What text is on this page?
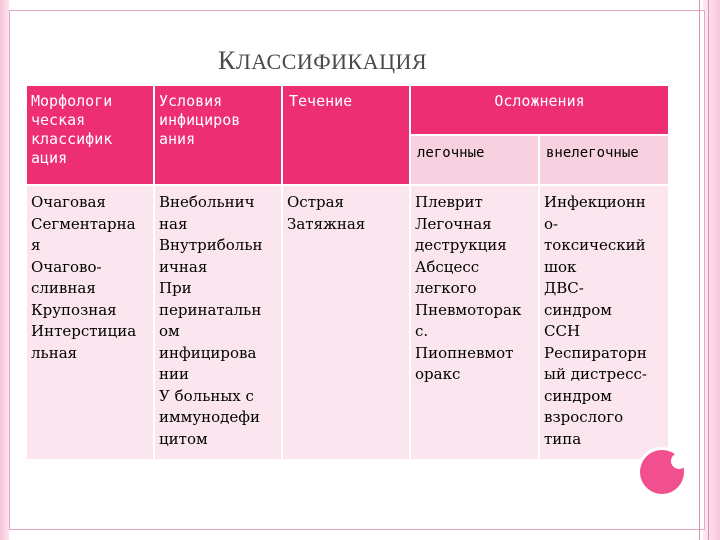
КЛАССИФИКАЦИЯ
Морфологи
ческая
классифик
ация
Условия
инфициров
ания
Течение	Осложнения
легочные	внелегочные
Очаговая
Сегментарна
я
Очагово-
сливная
Крупозная
Интерстициа
льная
Внебольнич
ная
Внутрибольн
ичная
При
перинатальн
ом
инфицирова
нии
У больных с
иммунодефи
цитом
Острая
Затяжная
Плеврит
Легочная
деструкция
Абсцесс
легкого
Пневмоторак
с.
Пиопневмот
оракс
Инфекционн
о-
токсический
шок
ДВС-
синдром
ССН
Респираторн
ый дистресс-
синдром
взрослого
типа
